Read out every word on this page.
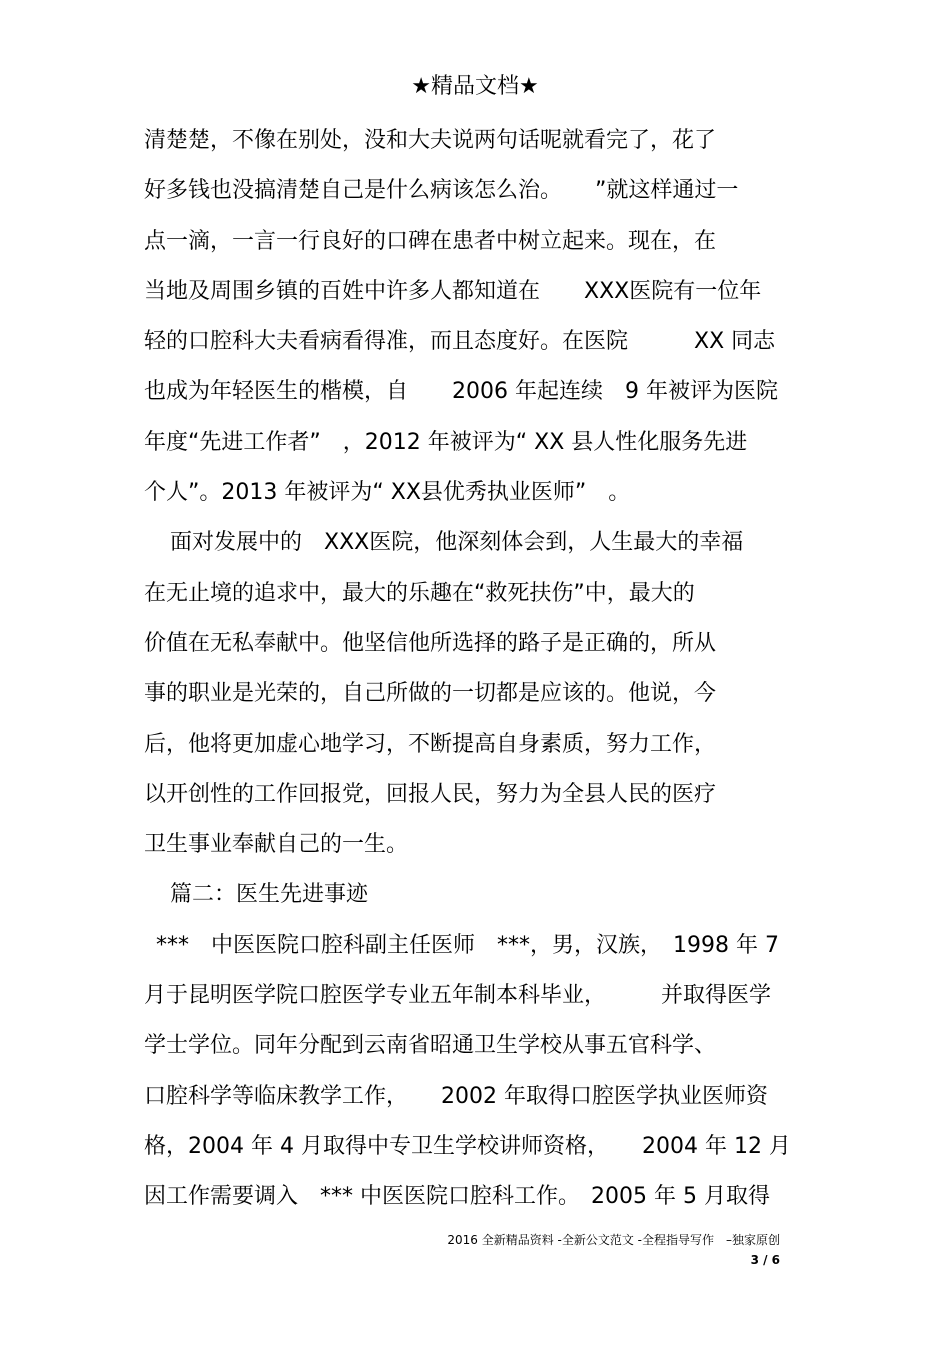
★精品文档★
清楚楚，不像在别处，没和大夫说两句话呢就看完了，花了
好多钱也没搞清楚自己是什么病该怎么治。　　”就这样通过一
点一滴，一言一行良好的口碑在患者中树立起来。现在，在
当地及周围乡镇的百姓中许多人都知道在　　XXX医院有一位年
轻的口腔科大夫看病看得准，而且态度好。在医院　　　XX 同志
也成为年轻医生的楷模，自　　2006 年起连续　9 年被评为医院
年度“先进工作者”　，2012 年被评为“ XX 县人性化服务先进
个人”。2013 年被评为“ XX县优秀执业医师”　。
面对发展中的　XXX医院，他深刻体会到，人生最大的幸福
在无止境的追求中，最大的乐趣在“救死扶伤”中，最大的
价值在无私奉献中。他坚信他所选择的路子是正确的，所从
事的职业是光荣的，自己所做的一切都是应该的。他说，今
后，他将更加虚心地学习，不断提高自身素质，努力工作，
以开创性的工作回报党，回报人民，努力为全县人民的医疗
卫生事业奉献自己的一生。
篇二：医生先进事迹
***　中医医院口腔科副主任医师　***，男，汉族，　1998 年 7
月于昆明医学院口腔医学专业五年制本科毕业，　　　并取得医学
学士学位。同年分配到云南省昭通卫生学校从事五官科学、
口腔科学等临床教学工作，　　2002 年取得口腔医学执业医师资
格，2004 年 4 月取得中专卫生学校讲师资格，　　2004 年 12 月
因工作需要调入　*** 中医医院口腔科工作。　2005 年 5 月取得
2016 全新精品资料 -全新公文范文 -全程指导写作　–独家原创
3 / 6
